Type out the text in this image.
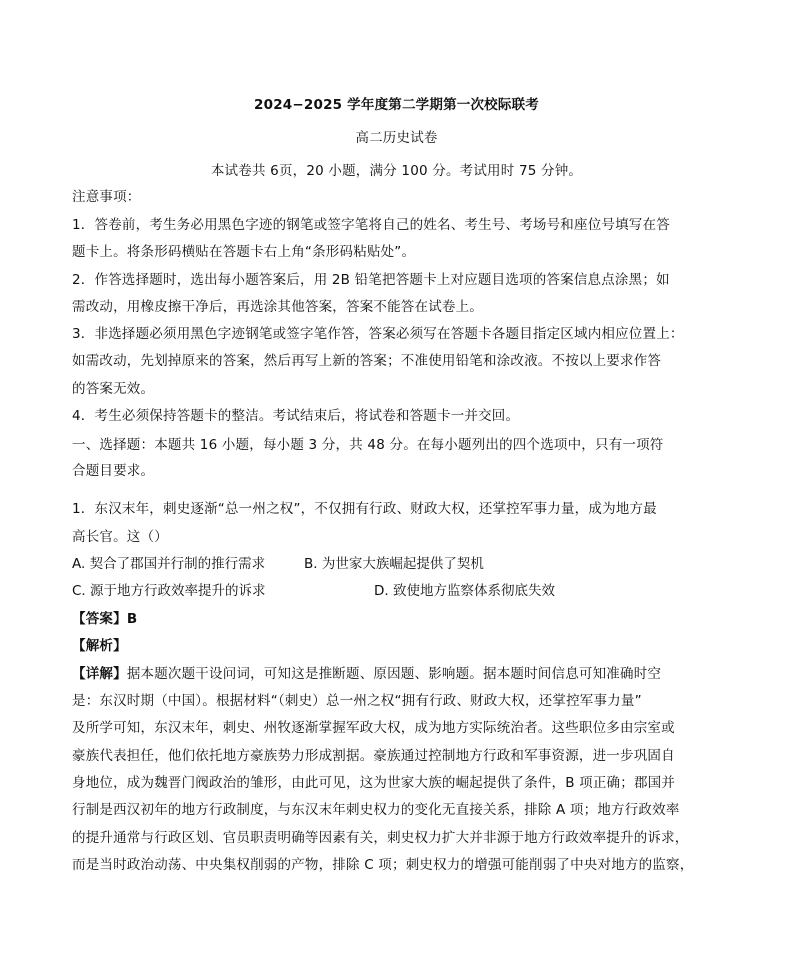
2024−2025 学年度第二学期第一次校际联考
高二历史试卷
本试卷共 6页，20 小题，满分 100 分。考试用时 75 分钟。
注意事项：
1．答卷前，考生务必用黑色字迹的钢笔或签字笔将自己的姓名、考生号、考场号和座位号填写在答
题卡上。将条形码横贴在答题卡右上角“条形码粘贴处”。
2．作答选择题时，选出每小题答案后，用 2B 铅笔把答题卡上对应题目选项的答案信息点涂黑；如
需改动，用橡皮擦干净后，再选涂其他答案，答案不能答在试卷上。
3．非选择题必须用黑色字迹钢笔或签字笔作答，答案必须写在答题卡各题目指定区域内相应位置上：
如需改动，先划掉原来的答案，然后再写上新的答案；不准使用铅笔和涂改液。不按以上要求作答
的答案无效。
4．考生必须保持答题卡的整洁。考试结束后，将试卷和答题卡一并交回。
一、选择题：本题共 16 小题，每小题 3 分，共 48 分。在每小题列出的四个选项中，只有一项符
合题目要求。
1．东汉末年，刺史逐渐“总一州之权”，不仅拥有行政、财政大权，还掌控军事力量，成为地方最
高长官。这（）
A. 契合了郡国并行制的推行需求	B. 为世家大族崛起提供了契机
C. 源于地方行政效率提升的诉求	D. 致使地方监察体系彻底失效
【答案】B
【解析】
【详解】据本题次题干设问词，可知这是推断题、原因题、影响题。据本题时间信息可知准确时空
是：东汉时期（中国）。根据材料“（刺史）总一州之权“拥有行政、财政大权，还掌控军事力量”
及所学可知，东汉末年，刺史、州牧逐渐掌握军政大权，成为地方实际统治者。这些职位多由宗室或
豪族代表担任，他们依托地方豪族势力形成割据。豪族通过控制地方行政和军事资源，进一步巩固自
身地位，成为魏晋门阀政治的雏形，由此可见，这为世家大族的崛起提供了条件，B 项正确；郡国并
行制是西汉初年的地方行政制度，与东汉末年刺史权力的变化无直接关系，排除 A 项；地方行政效率
的提升通常与行政区划、官员职责明确等因素有关，刺史权力扩大并非源于地方行政效率提升的诉求，
而是当时政治动荡、中央集权削弱的产物，排除 C 项；刺史权力的增强可能削弱了中央对地方的监察，
